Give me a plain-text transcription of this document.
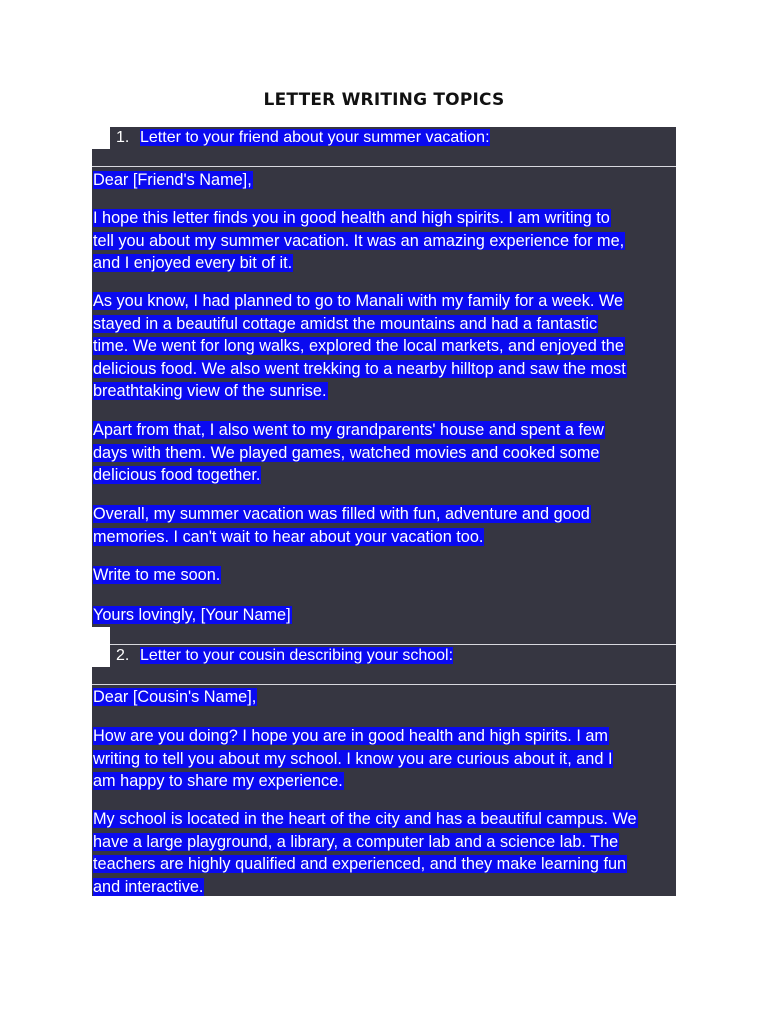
LETTER WRITING TOPICS
1. Letter to your friend about your summer vacation:
Dear [Friend's Name],
I hope this letter finds you in good health and high spirits. I am writing to
tell you about my summer vacation. It was an amazing experience for me,
and I enjoyed every bit of it.
As you know, I had planned to go to Manali with my family for a week. We
stayed in a beautiful cottage amidst the mountains and had a fantastic
time. We went for long walks, explored the local markets, and enjoyed the
delicious food. We also went trekking to a nearby hilltop and saw the most
breathtaking view of the sunrise.
Apart from that, I also went to my grandparents' house and spent a few
days with them. We played games, watched movies and cooked some
delicious food together.
Overall, my summer vacation was filled with fun, adventure and good
memories. I can't wait to hear about your vacation too.
Write to me soon.
Yours lovingly, [Your Name]
2. Letter to your cousin describing your school:
Dear [Cousin's Name],
How are you doing? I hope you are in good health and high spirits. I am
writing to tell you about my school. I know you are curious about it, and I
am happy to share my experience.
My school is located in the heart of the city and has a beautiful campus. We
have a large playground, a library, a computer lab and a science lab. The
teachers are highly qualified and experienced, and they make learning fun
and interactive.
